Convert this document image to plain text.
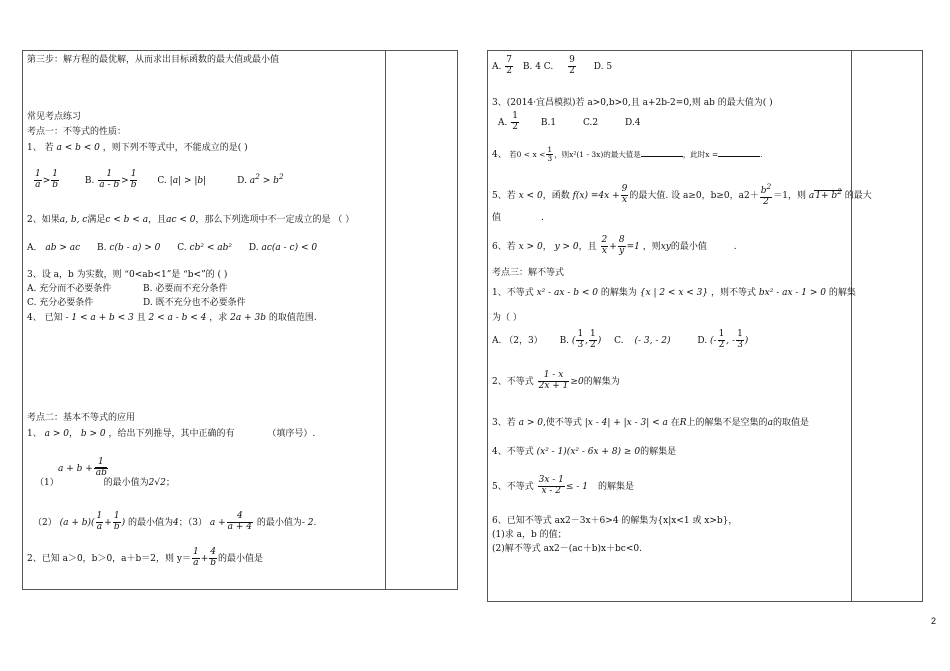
第三步：解方程的最优解，从而求出目标函数的最大值或最小值
常见考点练习
考点一：不等式的性质：
1、 若 a < b < 0 ，则下列不等式中，不能成立的是( )
$\frac{1}{a} > \frac{1}{b}$	B. $\frac{1}{a - b} > \frac{1}{b} C$. |a| > |b|	D. $a^2 > b^2$
2、如果a, b, c满足c < b < a，且ac < 0，那么下列选项中不一定成立的是 （ ）
A． ab > ac B. c(b - a) > 0 C. cb² < ab² D. ac(a - c) < 0
3、设 a，b 为实数，则 “0<ab<1”是 “b<”的 ( )
A. 充分而不必要条件	B. 必要而不充分条件
C. 充分必要条件	D. 既不充分也不必要条件
4、 已知 - 1 < a + b < 3 且 2 < a - b < 4 ，求 2a + 3b 的取值范围.
考点二：基本不等式的应用
1、 a > 0， b > 0 ，给出下列推导，其中正确的有	（填序号）.
$a + b + \frac{1}{ab}$
（1）	的最小值为2√2；
（2） $(a + b)( \frac{1}{a} + \frac{1}{b}$ ) 的最小值为4；（3） $a + \frac{4}{a + 4}$ 的最小值为- 2.
2、已知 a＞0，b＞0，a＋b＝2，则 $y= \frac{1}{a} + \frac{4}{b}$ 的最小值是
A. $\frac{7}{2} B$. 4 C. $\frac{9}{2} D$. 5
3、(2014·宜昌模拟)若 a>0,b>0,且 a+2b-2=0,则 ab 的最大值为( )
A. $\frac{1}{2} B.1$	C.2	D.4
4、 若$0 < x < \frac{1}{3}$ ，则x²(1 - 3x)的最大值是	，此时x =	.
5、若 x < 0，函数 $f(x) =4x + \frac{9}{x}$ 的最大值. 设 a≥0，b≥0，$a2+ \frac{b^2}{2} =1$，则 $a1+ b^2$ 的最大
值	.
6、若 x > 0， y > 0，且 $\frac{2}{x} + \frac{8}{y} =1$ ，则xy的最小值	.
考点三：解不等式
1、不等式 x² - ax - b < 0 的解集为 {x | 2 < x < 3} ，则不等式 bx² - ax - 1 > 0 的解集
为（ ）
A. （2，3） B. ( $\frac{1}{3}$ , $\frac{1}{2}$ ) C. (- 3, - 2)	D. (- $\frac{1}{2}$ , - $\frac{1}{3}$ )
2、不等式 $\frac{1 - x}{2x + 1} \ge 0$的解集为
3、若 a > 0,使不等式 |x - 4| + |x - 3| < a 在R上的解集不是空集的a的取值是
4、不等式 (x² - 1)(x² - 6x + 8) ≥ 0的解集是
5、不等式 $\frac{3x - 1}{x - 2}$ ≤ - 1 的解集是
6、已知不等式 ax2－3x＋6>4 的解集为{x|x<1 或 x>b}，
(1)求 a，b 的值；
(2)解不等式 ax2－(ac＋b)x＋bc<0.
2
